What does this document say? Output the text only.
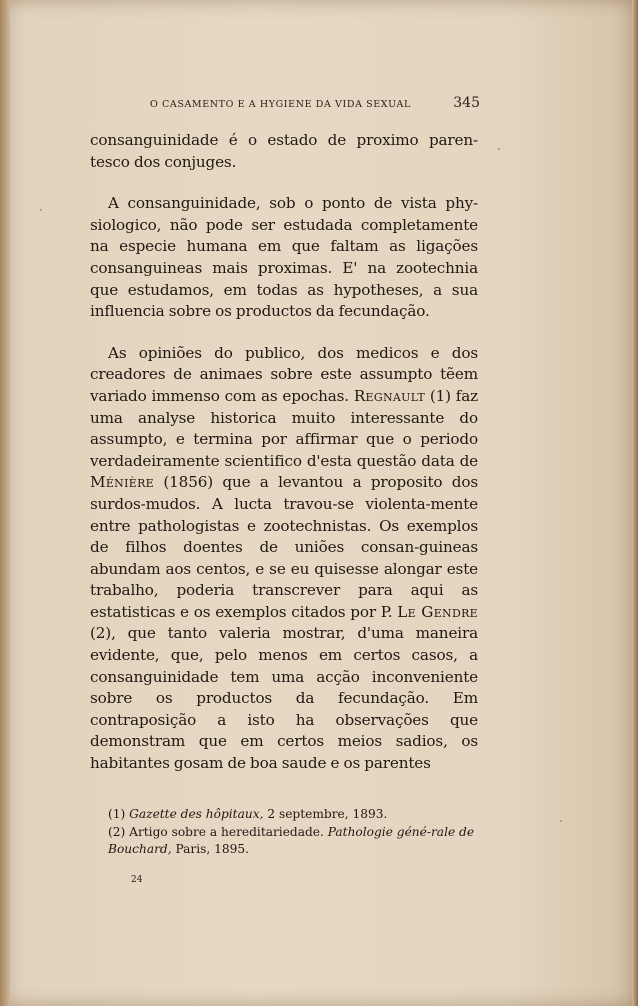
O CASAMENTO E A HYGIENE DA VIDA SEXUAL	345

consanguinidade é o estado de proximo paren-tesco dos conjuges.

A consanguinidade, sob o ponto de vista phy-siologico, não pode ser estudada completamente na especie humana em que faltam as ligações consanguineas mais proximas. E' na zootechnia que estudamos, em todas as hypotheses, a sua influencia sobre os productos da fecundação.

As opiniões do publico, dos medicos e dos creadores de animaes sobre este assumpto tẽem variado immenso com as epochas. Regnault (1) faz uma analyse historica muito interessante do assumpto, e termina por affirmar que o periodo verdadeiramente scientifico d'esta questão data de Ménière (1856) que a levantou a proposito dos surdos-mudos. A lucta travou-se violenta-mente entre pathologistas e zootechnistas. Os exemplos de filhos doentes de uniões consan-guineas abundam aos centos, e se eu quisesse alongar este trabalho, poderia transcrever para aqui as estatisticas e os exemplos citados por P. Le Gendre (2), que tanto valeria mostrar, d'uma maneira evidente, que, pelo menos em certos casos, a consanguinidade tem uma acção inconveniente sobre os productos da fecundação. Em contraposição a isto ha observações que demonstram que em certos meios sadios, os habitantes gosam de boa saude e os parentes

(1) Gazette des hôpitaux, 2 septembre, 1893.

(2) Artigo sobre a hereditariedade. Pathologie géné-rale de Bouchard, Paris, 1895.

24
